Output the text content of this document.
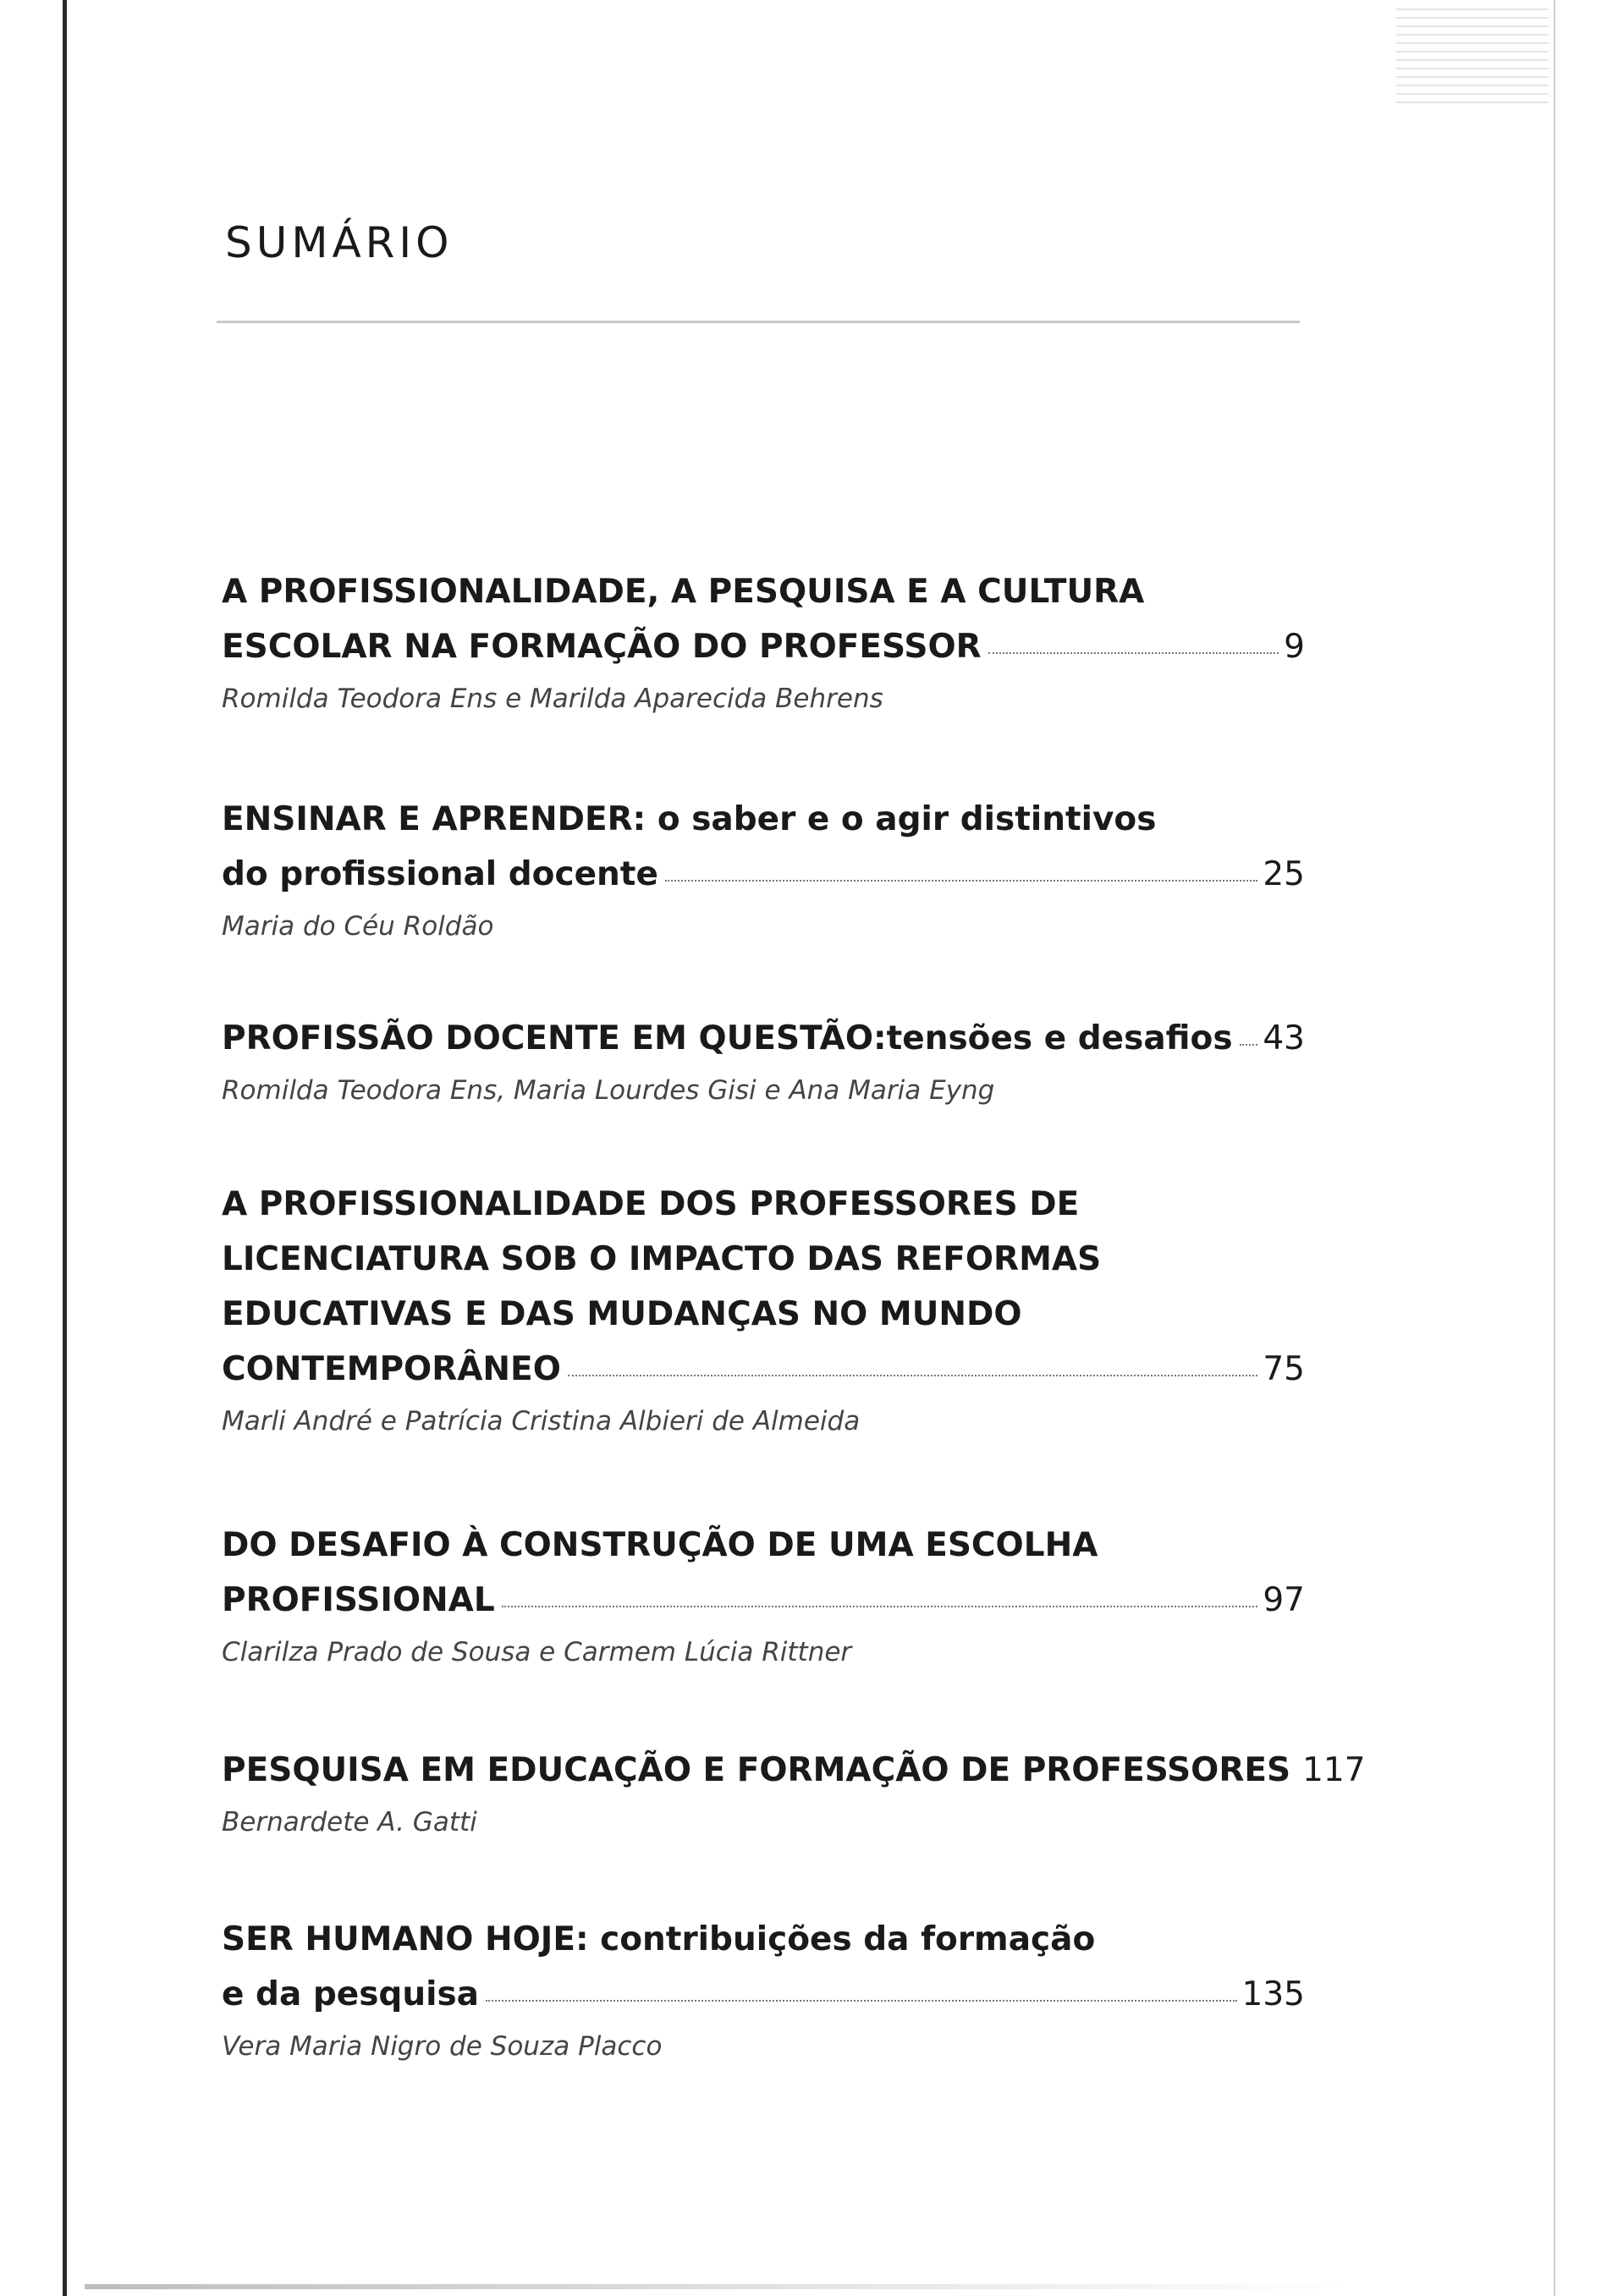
SUMÁRIO
A PROFISSIONALIDADE, A PESQUISA E A CULTURA
ESCOLAR NA FORMAÇÃO DO PROFESSOR	9
Romilda Teodora Ens e Marilda Aparecida Behrens
ENSINAR E APRENDER: o saber e o agir distintivos
do profissional docente	25
Maria do Céu Roldão
PROFISSÃO DOCENTE EM QUESTÃO: tensões e desafios 43
Romilda Teodora Ens, Maria Lourdes Gisi e Ana Maria Eyng
A PROFISSIONALIDADE DOS PROFESSORES DE
LICENCIATURA SOB O IMPACTO DAS REFORMAS
EDUCATIVAS E DAS MUDANÇAS NO MUNDO
CONTEMPORÂNEO	75
Marli André e Patrícia Cristina Albieri de Almeida
DO DESAFIO À CONSTRUÇÃO DE UMA ESCOLHA
PROFISSIONAL	97
Clarilza Prado de Sousa e Carmem Lúcia Rittner
PESQUISA EM EDUCAÇÃO E FORMAÇÃO DE PROFESSORES 117
Bernardete A. Gatti
SER HUMANO HOJE: contribuições da formação
e da pesquisa	135
Vera Maria Nigro de Souza Placco
